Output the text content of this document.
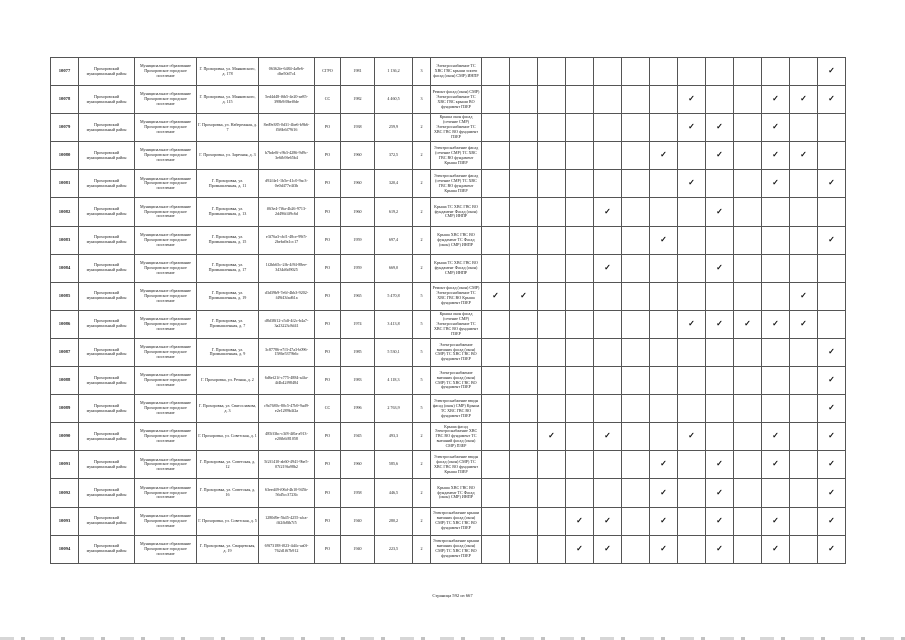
10077	Прохоровский муниципальный район	Муниципальное образование Прохоровское городское поселение	Г. Прохоровка, ул. Маяковского, д. 178	06362fe-6484-4a8e6-dbe50d7c4	СГРО	1981	1 136,2	3	Электроснабжение ТС ХВС ГВС крыши эсктеп фасад (окон) СМР) ИНПР													✓
10078	Прохоровский муниципальный район	Муниципальное образование Прохоровское городское поселение	Г. Прохоровка, ул. Маяковского, д. 115	5ed4d48-f6b5-4e20-ae85-398b9f0bef0de	СС	1982	4 460,5	3	Ремонт фасад (окон) СМР) Электроснабжение ТС ХВС ГВС крыши ВО фундамент ПЗЕР								✓			✓	✓	✓
10079	Прохоровский муниципальный район	Муниципальное образование Прохоровское городское поселение	Г. Прохоровка, ул. Набережная, д. 7	8ed9e385-0d31-4be6-b9b6-f5f6b6f79f16	РО	1938	259,9	2	Крыша окон фасад (сечение СМР) Электроснабжение ТС ХВС ГВС ВО фундамент ПЗЕР								✓	✓		✓		
10080	Прохоровский муниципальный район	Муниципальное образование Прохоровское городское поселение	Г. Прохоровка, ул. Заречная, д. 3	b7bde0f-c9b3-4286-9d9c-3e6fb9fe65b4	РО	1960	372,5	2	Электроснабжение фасад (сечение СМР) ТС ХВС ГВС ВО фундамент Крыша ПЗЕР							✓		✓		✓	✓	
10081	Прохоровский муниципальный район	Муниципальное образование Прохоровское городское поселение	Г. Прохоровка, ул. Промышленная, д. 11	d92f4e1-1b5e-41c0-9ac3-0e0d477e4f3b	РО	1960	320,4	2	Электроснабжение фасад (сечение СМР) ТС ХВС ГВС ВО фундамент Крыша ПЗЕР								✓			✓		✓
10082	Прохоровский муниципальный район	Муниципальное образование Прохоровское городское поселение	Г. Прохоровка, ул. Промышленная, д. 13	f0f3e4-7f6a-4b26-9713-2d496f4f9c6d	РО	1960	619,2	2	Крыша ТС ХВС ГВС ВО фундамент Фасад (окон) СМР) ИНПР					✓				✓				
10083	Прохоровский муниципальный район	Муниципальное образование Прохоровское городское поселение	Г. Прохоровка, ул. Промышленная, д. 15	e3f76a3-cbf1-48ce-99f5-2beba9a1cc17	РО	1959	697,4	2	Крыша ХВС ГВС ВО фундамент ТС Фасад (окон) СМР) ИНПР							✓						✓
10084	Прохоровский муниципальный район	Муниципальное образование Прохоровское городское поселение	Г. Прохоровка, ул. Промышленная, д. 17	1f2bb65c-2fb-4f94-88ee-3434d6d9025	РО	1959	669,0	2	Крыша ТС ХВС ГВС ВО фундамент Фасад (окон) СМР) ИНПР					✓				✓				
10085	Прохоровский муниципальный район	Муниципальное образование Прохоровское городское поселение	Г. Прохоровка, ул. Промышленная, д. 19	d3d39b9-7e6f-4bb3-9202-f49f43fad61a	РО	1965	5 470,8	5	Ремонт фасад (окон) СМР) Электроснабжение ТС ХВС ГВС ВО Крыша фундамент ПЗЕР	✓	✓										✓	
10086	Прохоровский муниципальный район	Муниципальное образование Прохоровское городское поселение	Г. Прохоровка, ул. Промышленная, д. 7	d8d38f12-c5df-4f2c-b4a7-3a23223c8d41	РО	1974	3 413,8	5	Крыша окон фасад (сечение СМР) Электроснабжение ТС ХВС ГВС ВО фундамент ПЗЕР								✓	✓	✓	✓	✓	
10087	Прохоровский муниципальный район	Муниципальное образование Прохоровское городское поселение	Г. Прохоровка, ул. Промышленная, д. 9	3c87786-e7f3-47a3-b096-1586e5379b6c	РО	1985	5 530,1	5	Электроснабжение внешних фасад (окон) СМР) ТС ХВС ГВС ВО фундамент ПЗЕР													✓
10088	Прохоровский муниципальный район	Муниципальное образование Прохоровское городское поселение	Г. Прохоровка, ул. Речная, д. 2	6d6ef21f-c775-4884-a4fa-4f4b42f98484	РО	1983	4 118,3	5	Электроснабжение внешних фасад (окон) СМР) ТС ХВС ГВС ВО фундамент ПЗЕР													✓
10089	Прохоровский муниципальный район	Муниципальное образование Прохоровское городское поселение	Г. Прохоровка, ул. Святославова, д. 3	c9a7680c-80c5-47b9-9ad9-e2e1289b4f2a	СС	1996	2 763,9	5	Электроснабжение вводн фасад (окон) СМР) Крыша ТС ХВС ГВС ВО фундамент ПЗЕР													✓
10090	Прохоровский муниципальный район	Муниципальное образование Прохоровское городское поселение	Г. Прохоровка, ул. Советская, д. 1	485ff3bc-c3f8-4f0a-a913-e20fb6f81058	РО	1945	493,3	2	Крыша фасад Электроснабжение ХВС ГВС ВО фундамент ТС внешний фасад (окон) СМР) ПЗЕР			✓		✓			✓			✓		✓
10091	Прохоровский муниципальный район	Муниципальное образование Прохоровское городское поселение	Г. Прохоровка, ул. Советская, д. 12	5f2f1410-ab60-4941-9be5-07f219fa98b2	РО	1960	585,6	2	Электроснабжение вводн фасад (окон) СМР) ТС ХВС ГВС ВО фундамент Крыша ПЗЕР							✓		✓		✓		✓
10092	Прохоровский муниципальный район	Муниципальное образование Прохоровское городское поселение	Г. Прохоровка, ул. Советская, д. 16	63eed49-f06d-4b10-945b-56d5cc3723b	РО	1958	446,5	2	Крыша ХВС ГВС ВО фундамент ТС Фасад (окон) СМР) ИНПР							✓		✓				✓
10093	Прохоровский муниципальный район	Муниципальное образование Прохоровское городское поселение	Г. Прохоровка, ул. Советская, д. 5	1280d9e-5b45-4255-afca-fff2fb8fb7f5	РО	1940	280,2	2	Электроснабжение крыши внешних фасад (окон) СМР) ТС ХВС ГВС ВО фундамент ПЗЕР				✓	✓		✓		✓		✓		✓
10094	Прохоровский муниципальный район	Муниципальное образование Прохоровское городское поселение	Г. Прохоровка, ул. Сварцевская, д. 19	69f73188-f023-4d4c-aa0f-762d1f67b912	РО	1940	223,5	2	Электроснабжение крыши внешних фасад (окон) СМР) ТС ХВС ГВС ВО фундамент ПЗЕР				✓	✓		✓		✓		✓		✓
Страница 592 из 667
